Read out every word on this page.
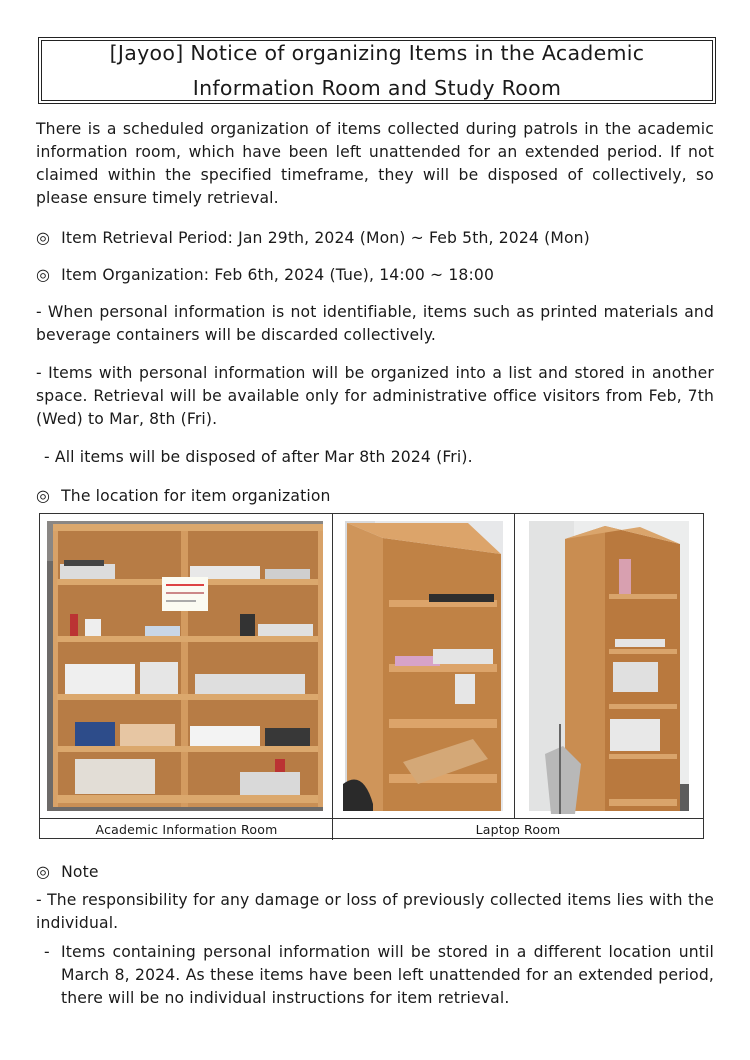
[Jayoo] Notice of organizing Items in the Academic
Information Room and Study Room
There is a scheduled organization of items collected during patrols in the academic information room, which have been left unattended for an extended period. If not claimed within the specified timeframe, they will be disposed of collectively, so please ensure timely retrieval.
◎ Item Retrieval Period: Jan 29th, 2024 (Mon) ~ Feb 5th, 2024 (Mon)
◎ Item Organization: Feb 6th, 2024 (Tue), 14:00 ~ 18:00
- When personal information is not identifiable, items such as printed materials and beverage containers will be discarded collectively.
- Items with personal information will be organized into a list and stored in another space. Retrieval will be available only for administrative office visitors from Feb, 7th (Wed) to Mar, 8th (Fri).
- All items will be disposed of after Mar 8th 2024 (Fri).
◎ The location for item organization
Academic Information Room	Laptop Room
◎ Note
- The responsibility for any damage or loss of previously collected items lies with the individual.
- Items containing personal information will be stored in a different location until March 8, 2024. As these items have been left unattended for an extended period, there will be no individual instructions for item retrieval.
